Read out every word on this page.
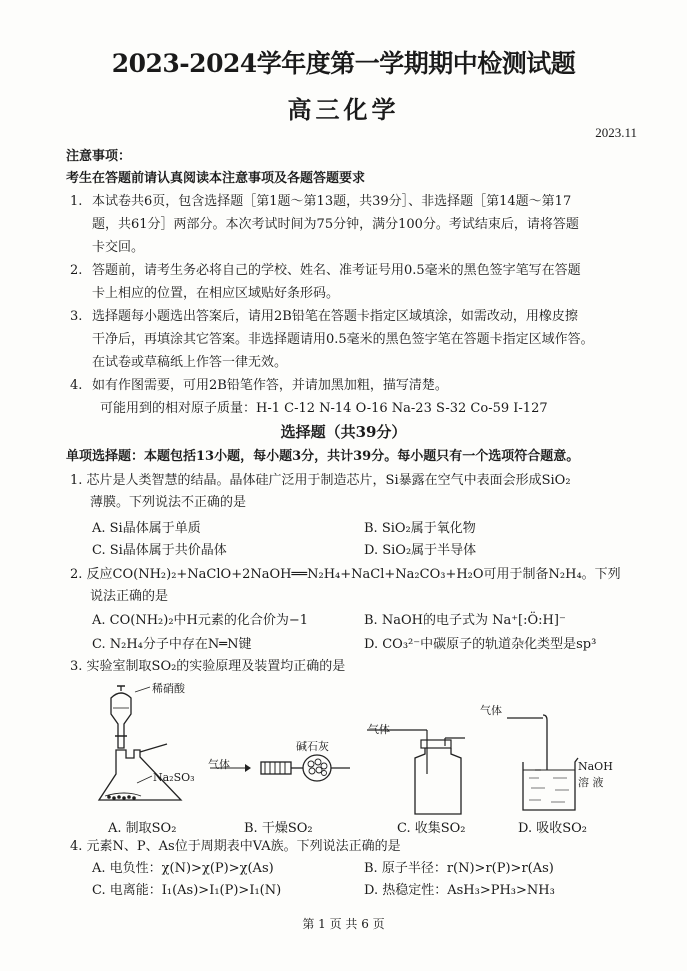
2023-2024学年度第一学期期中检测试题
高三化学
2023.11
注意事项：
考生在答题前请认真阅读本注意事项及各题答题要求
1. 本试卷共6页，包含选择题［第1题～第13题，共39分］、非选择题［第14题～第17
题，共61分］两部分。本次考试时间为75分钟，满分100分。考试结束后，请将答题
卡交回。
2. 答题前，请考生务必将自己的学校、姓名、准考证号用0.5毫米的黑色签字笔写在答题
卡上相应的位置，在相应区域贴好条形码。
3. 选择题每小题选出答案后，请用2B铅笔在答题卡指定区域填涂，如需改动，用橡皮擦
干净后，再填涂其它答案。非选择题请用0.5毫米的黑色签字笔在答题卡指定区域作答。
在试卷或草稿纸上作答一律无效。
4. 如有作图需要，可用2B铅笔作答，并请加黑加粗，描写清楚。
可能用到的相对原子质量：H-1 C-12 N-14 O-16 Na-23 S-32 Co-59 I-127
选择题（共39分）
单项选择题：本题包括13小题，每小题3分，共计39分。每小题只有一个选项符合题意。
1. 芯片是人类智慧的结晶。晶体硅广泛用于制造芯片，Si暴露在空气中表面会形成SiO₂
薄膜。下列说法不正确的是
A. Si晶体属于单质	B. SiO₂属于氧化物
C. Si晶体属于共价晶体	D. SiO₂属于半导体
2. 反应CO(NH₂)₂+NaClO+2NaOH══N₂H₄+NaCl+Na₂CO₃+H₂O可用于制备N₂H₄。下列
说法正确的是
A. CO(NH₂)₂中H元素的化合价为−1	B. NaOH的电子式为 Na⁺[:Ö:H]⁻
C. N₂H₄分子中存在N═N键	D. CO₃²⁻中碳原子的轨道杂化类型是sp³
3. 实验室制取SO₂的实验原理及装置均正确的是
稀硝酸
Na₂SO₃
气体
碱石灰
气体
气体
NaOH
溶 液
A. 制取SO₂	B. 干燥SO₂	C. 收集SO₂	D. 吸收SO₂
4. 元素N、P、As位于周期表中VA族。下列说法正确的是
A. 电负性：χ(N)>χ(P)>χ(As)	B. 原子半径：r(N)>r(P)>r(As)
C. 电离能：I₁(As)>I₁(P)>I₁(N)	D. 热稳定性：AsH₃>PH₃>NH₃
第 1 页 共 6 页
